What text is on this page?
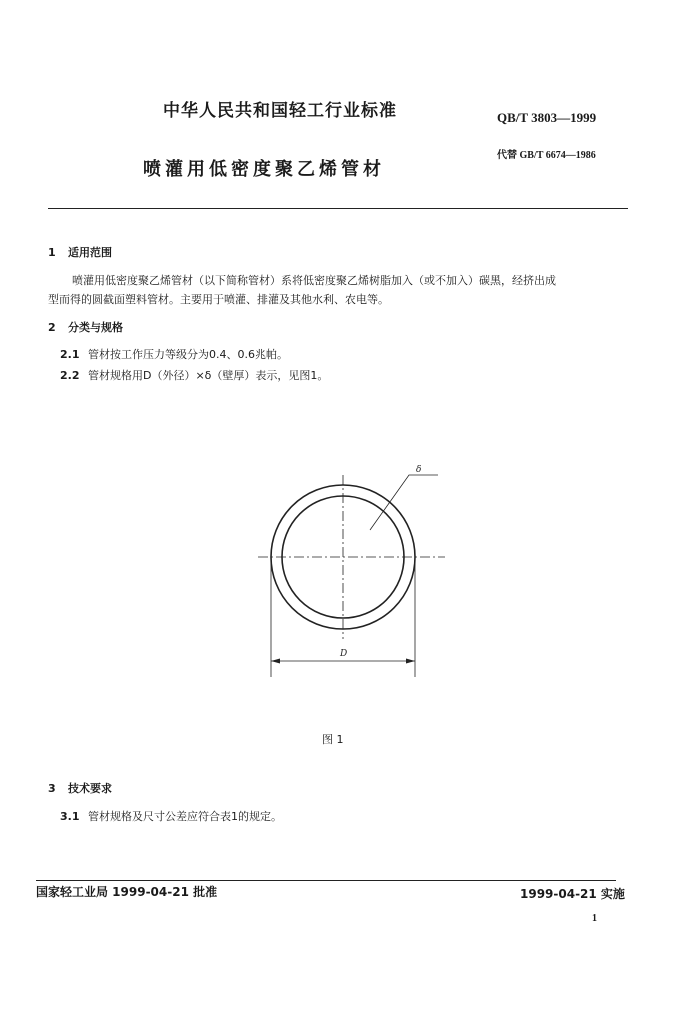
中华人民共和国轻工行业标准	QB/T 3803—1999
喷灌用低密度聚乙烯管材
代替 GB/T 6674—1986
1 适用范围
喷灌用低密度聚乙烯管材（以下简称管材）系将低密度聚乙烯树脂加入（或不加入）碳黑，经挤出成
型而得的圆截面塑料管材。主要用于喷灌、排灌及其他水利、农电等。
2 分类与规格
2.1 管材按工作压力等级分为0.4、0.6兆帕。
2.2 管材规格用D（外径）×δ（壁厚）表示，见图1。
δ
D
图 1
3 技术要求
3.1 管材规格及尺寸公差应符合表1的规定。
国家轻工业局 1999-04-21 批准	1999-04-21 实施
1
